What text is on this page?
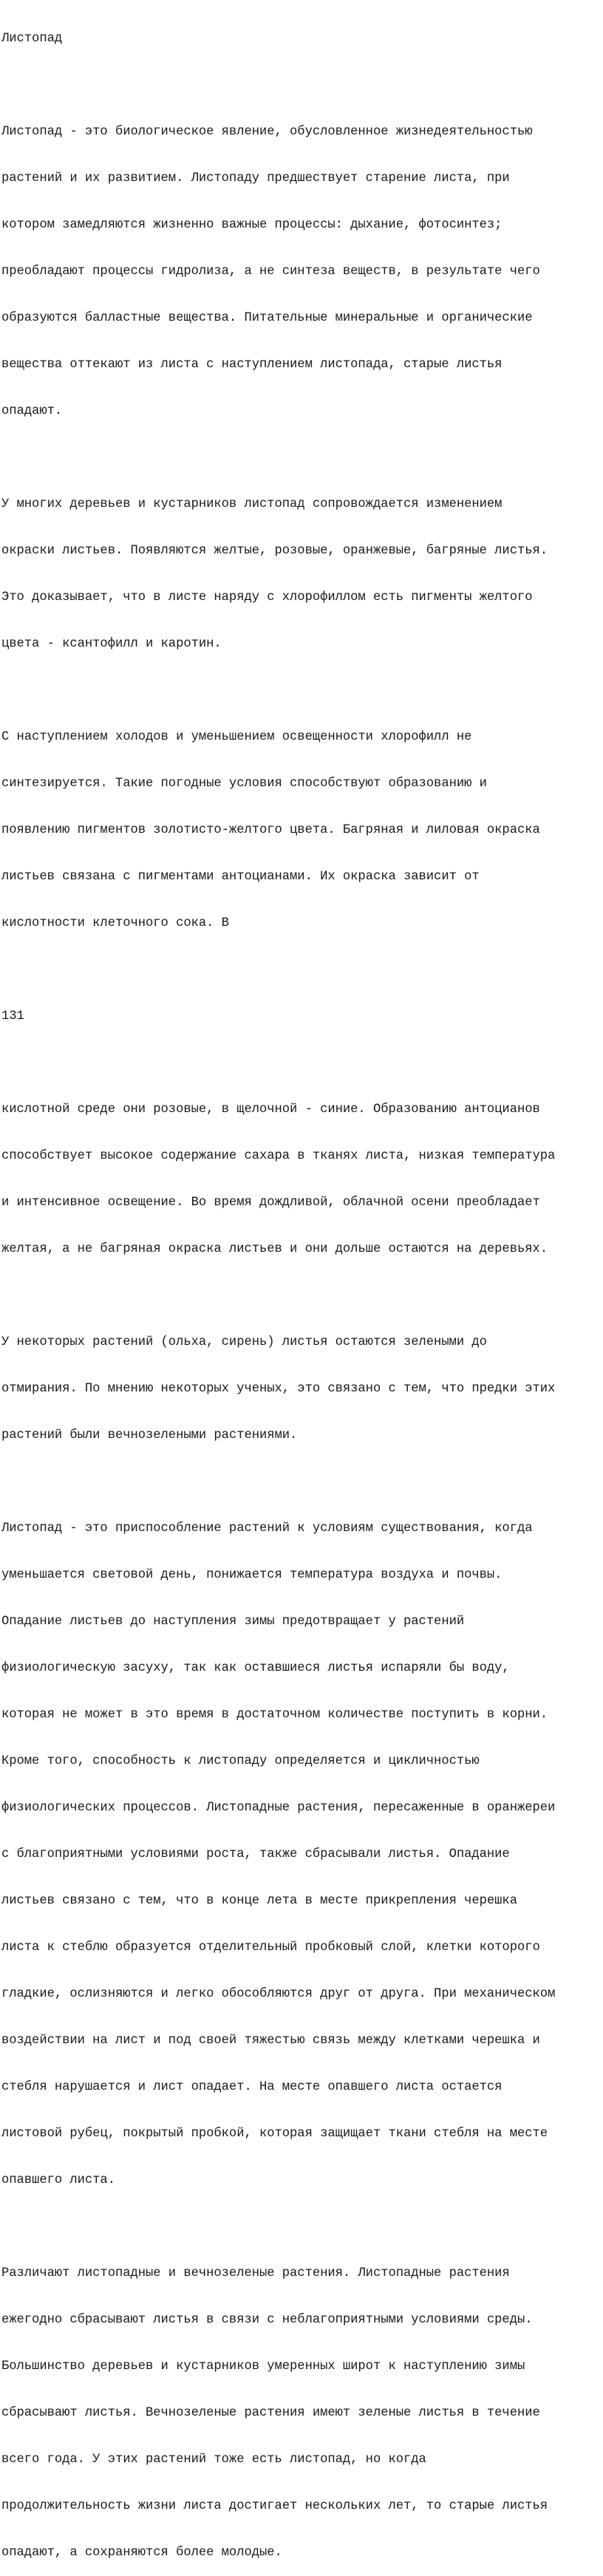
Листопад

Листопад - это биологическое явление, обусловленное жизнедеятельностью

растений и их развитием. Листопаду предшествует старение листа, при

котором замедляются жизненно важные процессы: дыхание, фотосинтез;

преобладают процессы гидролиза, а не синтеза веществ, в результате чего

образуются балластные вещества. Питательные минеральные и органические

вещества оттекают из листа с наступлением листопада, старые листья

опадают.

У многих деревьев и кустарников листопад сопровождается изменением

окраски листьев. Появляются желтые, розовые, оранжевые, багряные листья.

Это доказывает, что в листе наряду с хлорофиллом есть пигменты желтого

цвета - ксантофилл и каротин.

С наступлением холодов и уменьшением освещенности хлорофилл не

синтезируется. Такие погодные условия способствуют образованию и

появлению пигментов золотисто-желтого цвета. Багряная и лиловая окраска

листьев связана с пигментами антоцианами. Их окраска зависит от

кислотности клеточного сока. В

131

кислотной среде они розовые, в щелочной - синие. Образованию антоцианов

способствует высокое содержание сахара в тканях листа, низкая температура

и интенсивное освещение. Во время дождливой, облачной осени преобладает

желтая, а не багряная окраска листьев и они дольше остаются на деревьях.

У некоторых растений (ольха, сирень) листья остаются зелеными до

отмирания. По мнению некоторых ученых, это связано с тем, что предки этих

растений были вечнозелеными растениями.

Листопад - это приспособление растений к условиям существования, когда

уменьшается световой день, понижается температура воздуха и почвы.

Опадание листьев до наступления зимы предотвращает у растений

физиологическую засуху, так как оставшиеся листья испаряли бы воду,

которая не может в это время в достаточном количестве поступить в корни.

Кроме того, способность к листопаду определяется и цикличностью

физиологических процессов. Листопадные растения, пересаженные в оранжереи

с благоприятными условиями роста, также сбрасывали листья. Опадание

листьев связано с тем, что в конце лета в месте прикрепления черешка

листа к стеблю образуется отделительный пробковый слой, клетки которого

гладкие, ослизняются и легко обособляются друг от друга. При механическом

воздействии на лист и под своей тяжестью связь между клетками черешка и

стебля нарушается и лист опадает. На месте опавшего листа остается

листовой рубец, покрытый пробкой, которая защищает ткани стебля на месте

опавшего листа.

Различают листопадные и вечнозеленые растения. Листопадные растения

ежегодно сбрасывают листья в связи с неблагоприятными условиями среды.

Большинство деревьев и кустарников умеренных широт к наступлению зимы

сбрасывают листья. Вечнозеленые растения имеют зеленые листья в течение

всего года. У этих растений тоже есть листопад, но когда

продолжительность жизни листа достигает нескольких лет, то старые листья

опадают, а сохраняются более молодые.
